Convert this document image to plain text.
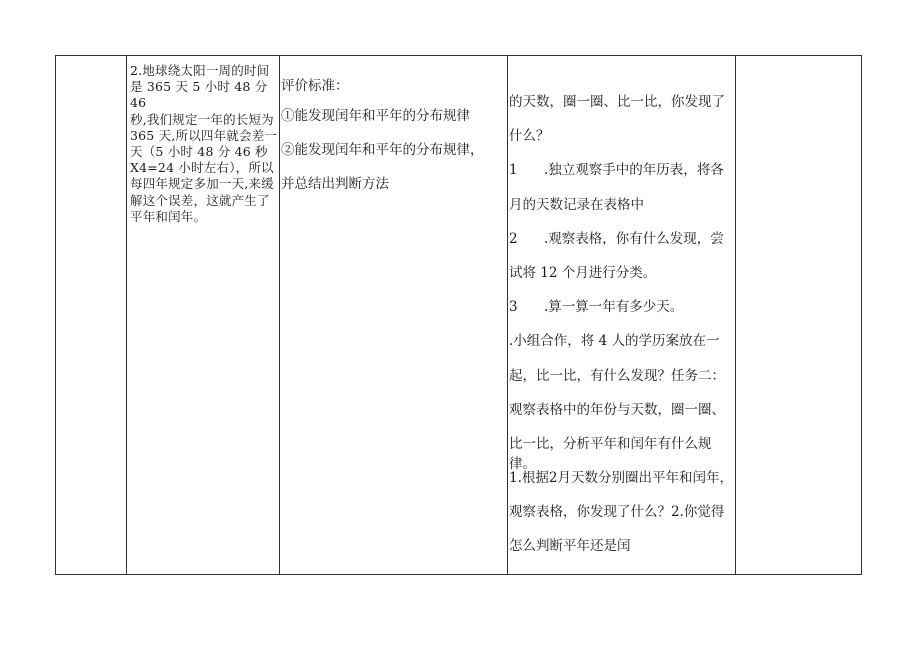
2.地球绕太阳一周的时间
是 365 天 5 小时 48 分 46
秒,我们规定一年的长短为
365 天,所以四年就会差一
天（5 小时 48 分 46 秒
X4=24 小时左右），所以
每四年规定多加一天,来缓
解这个误差，这就产生了
平年和闰年。

评价标准：

①能发现闰年和平年的分布规律

②能发现闰年和平年的分布规律，

并总结出判断方法

的天数，圈一圈、比一比，你发现了

什么？

1 .独立观察手中的年历表，将各

月的天数记录在表格中

2 .观察表格，你有什么发现，尝

试将 12 个月进行分类。

3 .算一算一年有多少天。

.小组合作，将 4 人的学历案放在一

起，比一比，有什么发现？任务二：

观察表格中的年份与天数，圈一圈、

比一比，分析平年和闰年有什么规律。

1.根据2月天数分别圈出平年和闰年，

观察表格，你发现了什么？2.你觉得

怎么判断平年还是闰
